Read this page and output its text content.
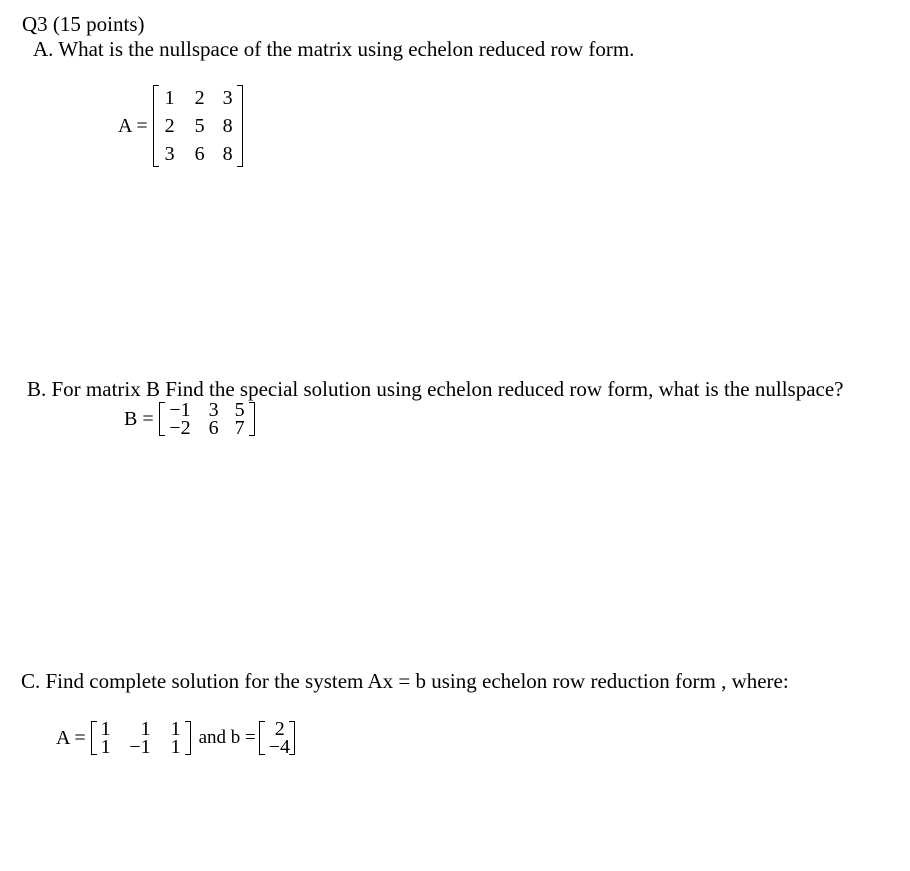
Q3 (15 points)
A. What is the nullspace of the matrix using echelon reduced row form.
A =
1	2 3
2	5 8
3	6 8
B. For matrix B Find the special solution using echelon reduced row form, what is the nullspace?
B = −1 3 5
−2 6 7
C. Find complete solution for the system Ax = b using echelon row reduction form , where:
A = 1	1	1
1 −1	1 and b = 2
−4
